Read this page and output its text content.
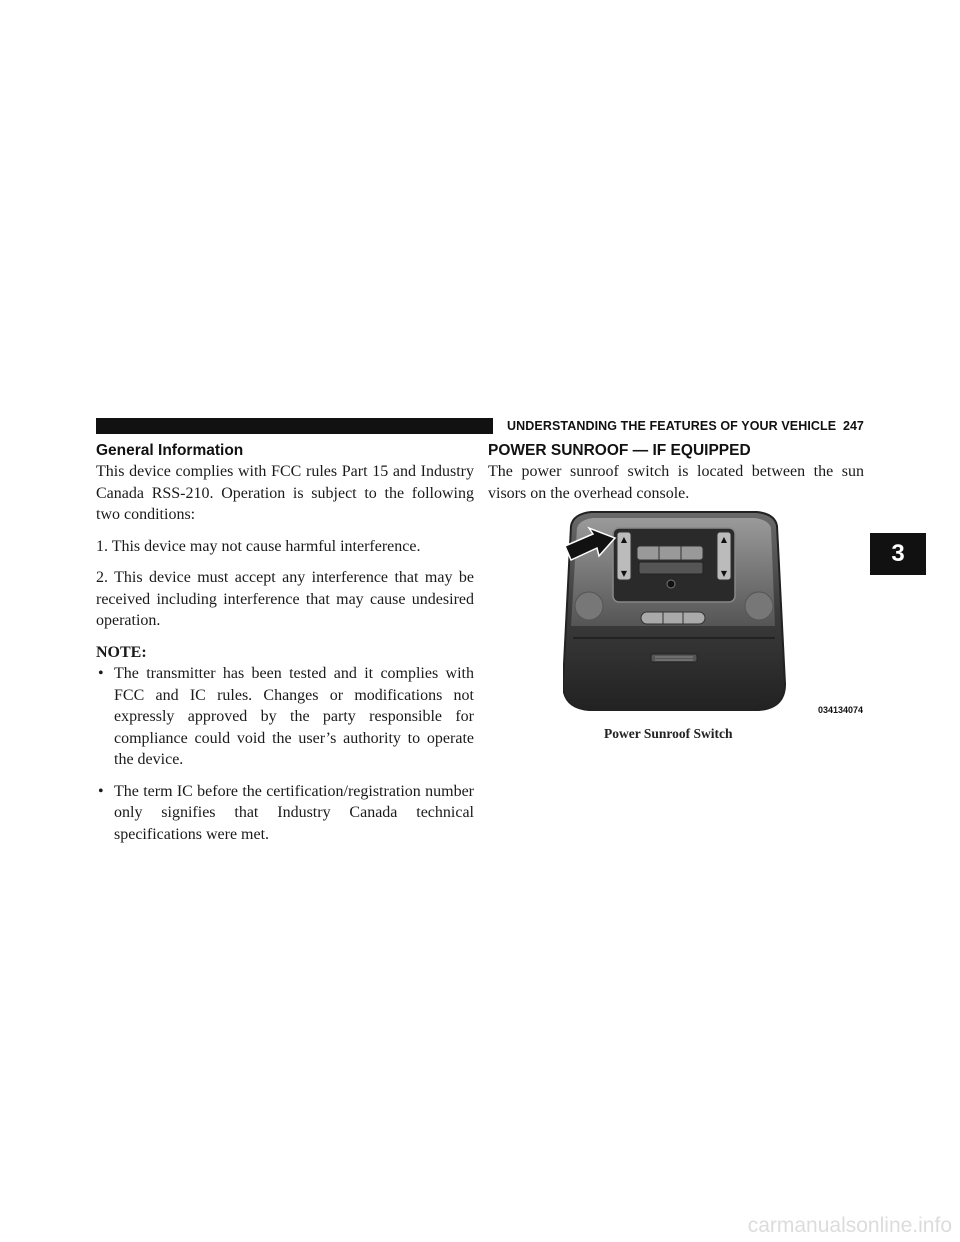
UNDERSTANDING THE FEATURES OF YOUR VEHICLE 247
General Information

This device complies with FCC rules Part 15 and Industry Canada RSS-210. Operation is subject to the following two conditions:

1. This device may not cause harmful interference.

2. This device must accept any interference that may be received including interference that may cause undesired operation.

NOTE:
• The transmitter has been tested and it complies with FCC and IC rules. Changes or modifications not expressly approved by the party responsible for compliance could void the user’s authority to operate the device.
• The term IC before the certification/registration number only signifies that Industry Canada technical specifications were met.
POWER SUNROOF — IF EQUIPPED

The power sunroof switch is located between the sun visors on the overhead console.

▲
▼
▲
▼
034134074
Power Sunroof Switch
3
carmanualsonline.info
